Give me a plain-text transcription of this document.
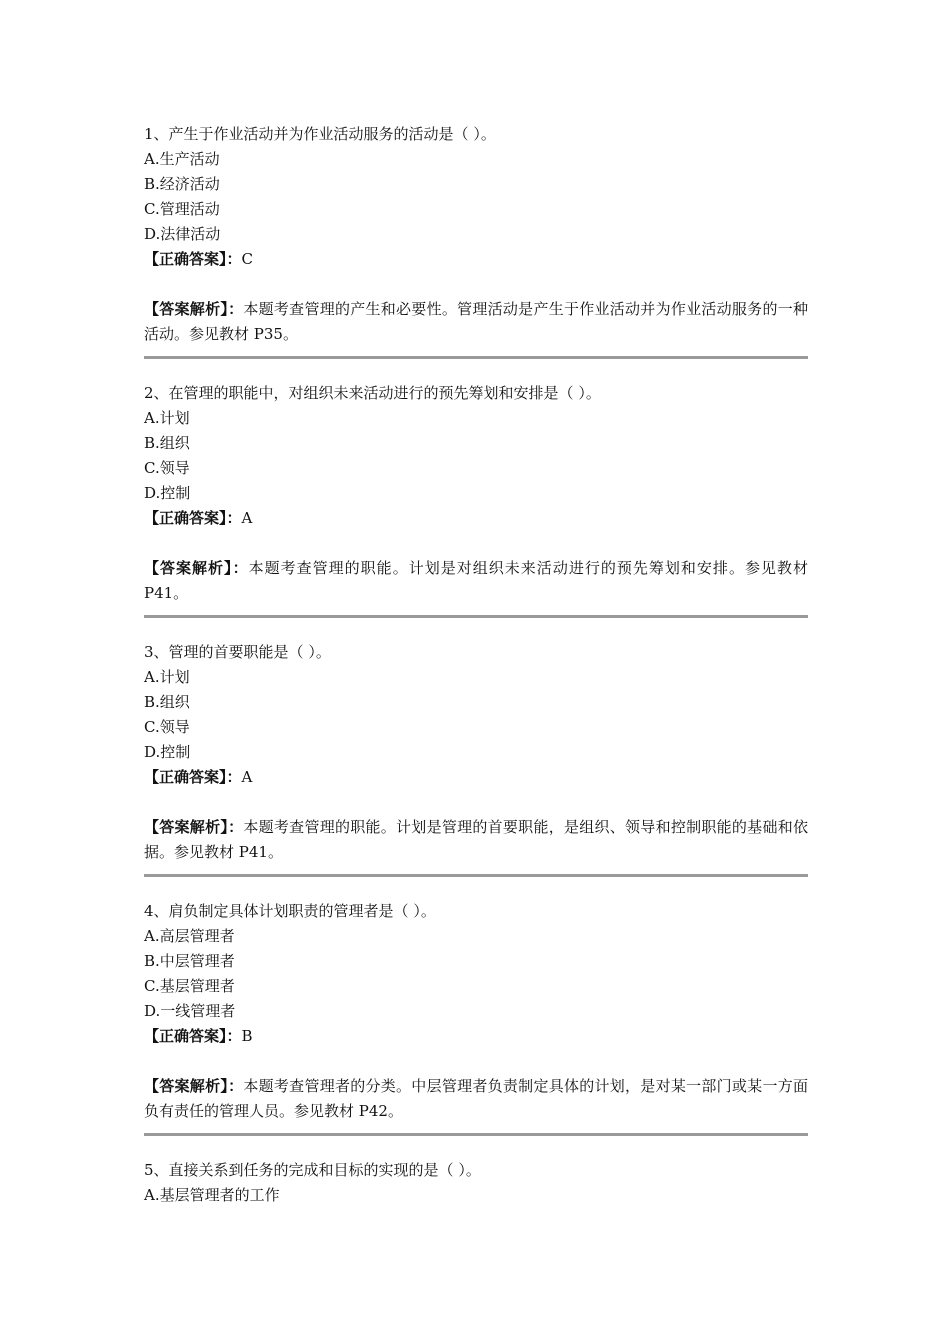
1、产生于作业活动并为作业活动服务的活动是（ ）。
A.生产活动
B.经济活动
C.管理活动
D.法律活动
【正确答案】：C
【答案解析】：本题考查管理的产生和必要性。管理活动是产生于作业活动并为作业活动服务的一种活动。参见教材 P35。
2、在管理的职能中，对组织未来活动进行的预先筹划和安排是（ ）。
A.计划
B.组织
C.领导
D.控制
【正确答案】：A
【答案解析】：本题考查管理的职能。计划是对组织未来活动进行的预先筹划和安排。参见教材 P41。
3、管理的首要职能是（ ）。
A.计划
B.组织
C.领导
D.控制
【正确答案】：A
【答案解析】：本题考查管理的职能。计划是管理的首要职能，是组织、领导和控制职能的基础和依据。参见教材 P41。
4、肩负制定具体计划职责的管理者是（ ）。
A.高层管理者
B.中层管理者
C.基层管理者
D.一线管理者
【正确答案】：B
【答案解析】：本题考查管理者的分类。中层管理者负责制定具体的计划，是对某一部门或某一方面负有责任的管理人员。参见教材 P42。
5、直接关系到任务的完成和目标的实现的是（ ）。
A.基层管理者的工作
